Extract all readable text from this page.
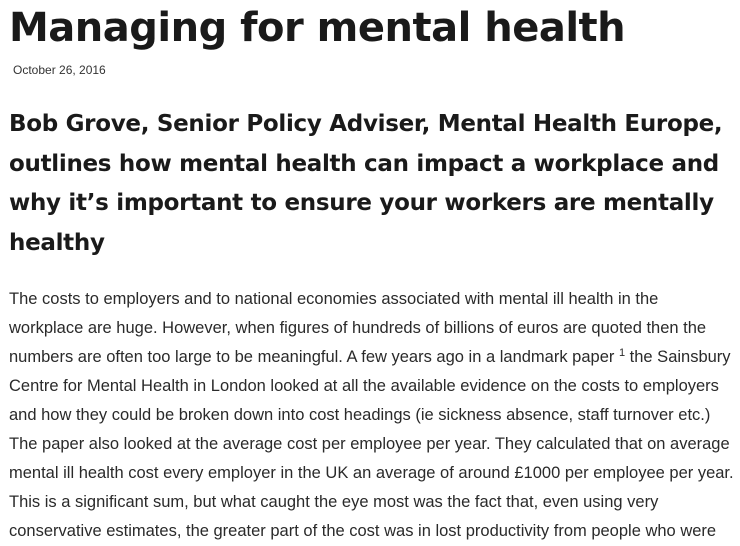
Managing for mental health
October 26, 2016
Bob Grove, Senior Policy Adviser, Mental Health Europe, outlines how mental health can impact a workplace and why it’s important to ensure your workers are mentally healthy

The costs to employers and to national economies associated with mental ill health in the workplace are huge. However, when figures of hundreds of billions of euros are quoted then the numbers are often too large to be meaningful. A few years ago in a landmark paper $^1$ the Sainsbury Centre for Mental Health in London looked at all the available evidence on the costs to employers and how they could be broken down into cost headings (ie sickness absence, staff turnover etc.) The paper also looked at the average cost per employee per year. They calculated that on average mental ill health cost every employer in the UK an average of around £1000 per employee per year. This is a significant sum, but what caught the eye most was the fact that, even using very conservative estimates, the greater part of the cost was in lost productivity from people who were
